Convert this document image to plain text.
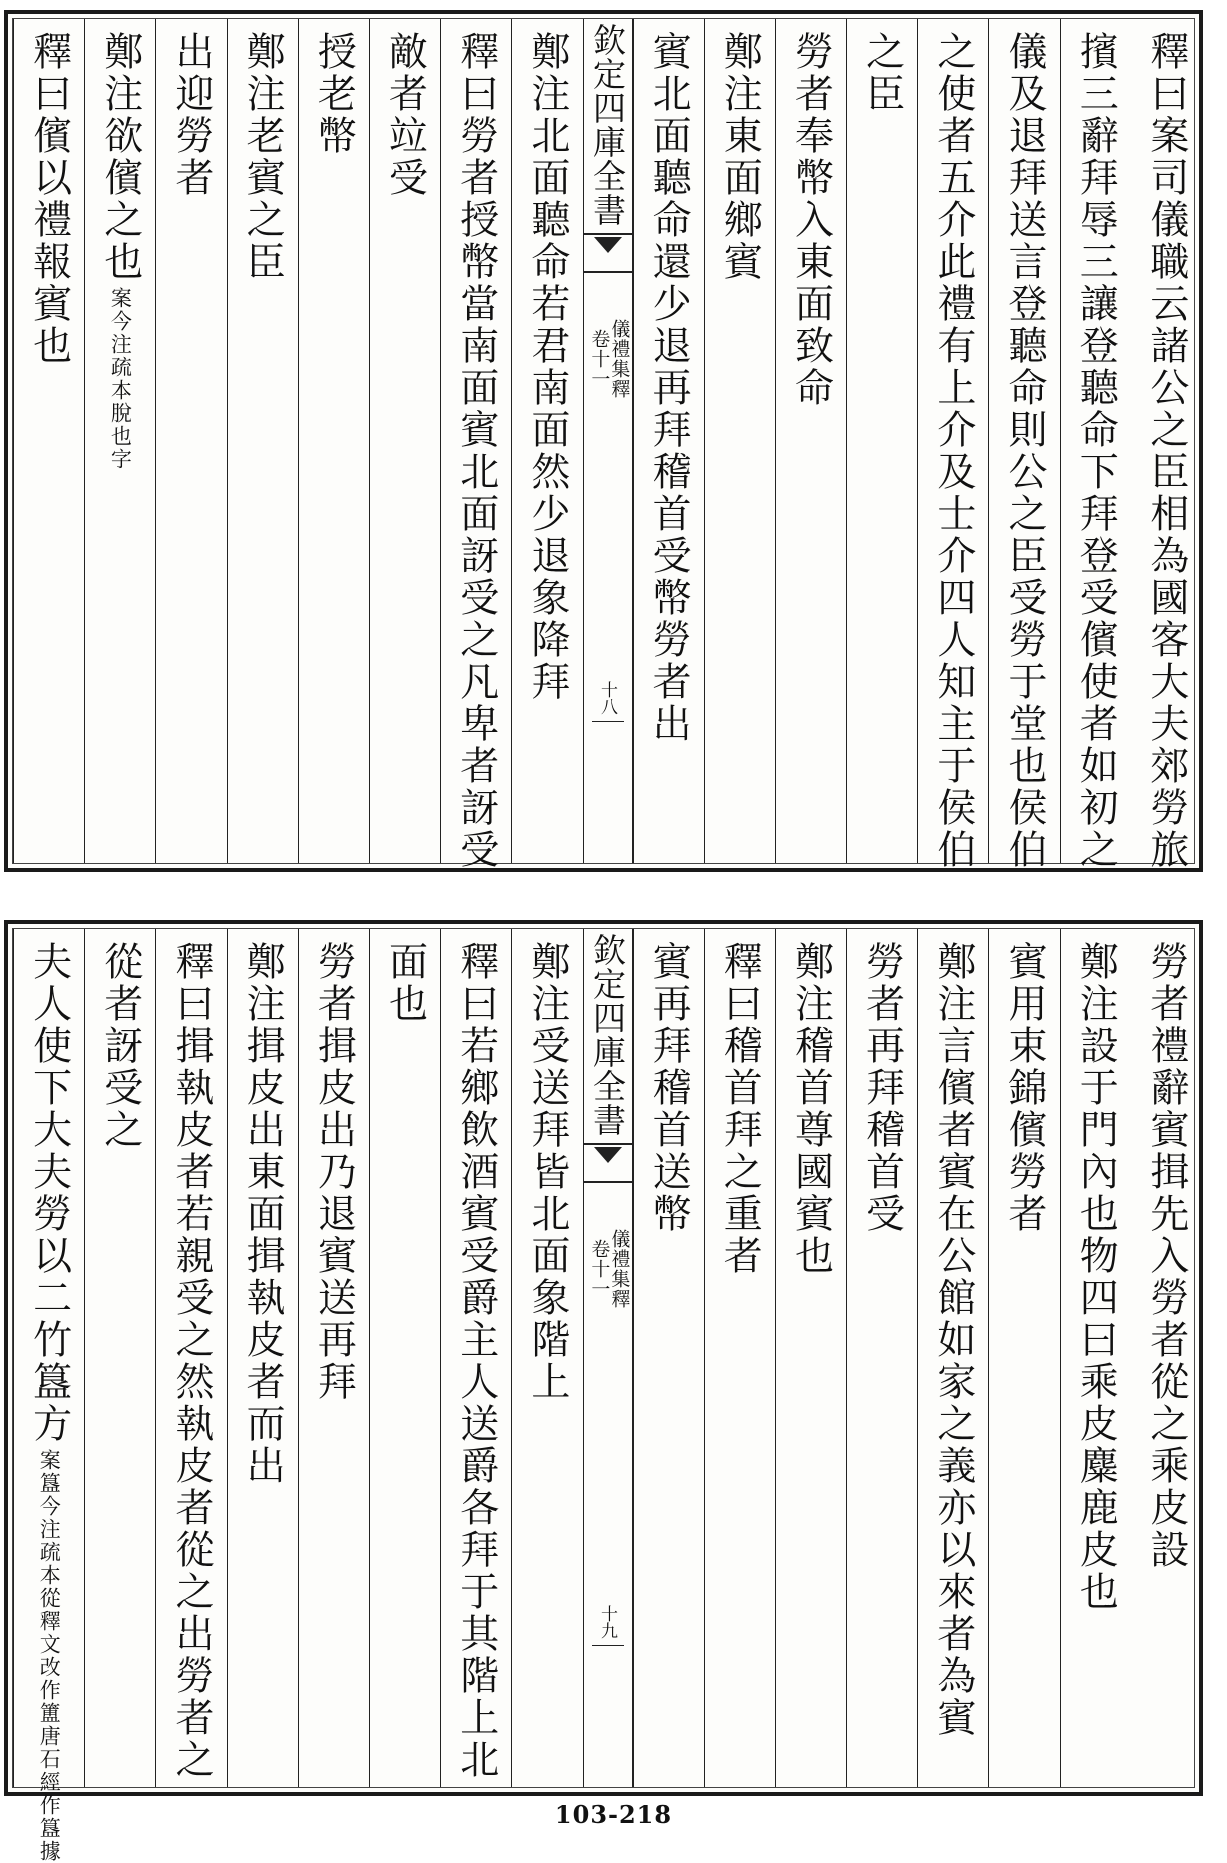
釋曰案司儀職云諸公之臣相為國客大夫郊勞旅
擯三辭拜辱三讓登聽命下拜登受儐使者如初之
儀及退拜送言登聽命則公之臣受勞于堂也侯伯
之使者五介此禮有上介及士介四人知主于侯伯
之臣
勞者奉幣入東面致命
鄭注東面鄉賓
賓北面聽命還少退再拜稽首受幣勞者出
鄭注北面聽命若君南面然少退象降拜
釋曰勞者授幣當南面賓北面訝受之凡卑者訝受
敵者竝受
授老幣
鄭注老賓之臣
出迎勞者
鄭注欲儐之也
案今注疏本脫也字
釋曰儐以禮報賓也	欽定四庫全書
儀禮集釋
卷十一
十八
勞者禮辭賓揖先入勞者從之乘皮設
鄭注設于門內也物四曰乘皮麋鹿皮也
賓用束錦儐勞者
鄭注言儐者賓在公館如家之義亦以來者為賓
勞者再拜稽首受
鄭注稽首尊國賓也
釋曰稽首拜之重者
賓再拜稽首送幣
鄭注受送拜皆北面象階上
釋曰若鄉飲酒賓受爵主人送爵各拜于其階上北
面也
勞者揖皮出乃退賓送再拜
鄭注揖皮出東面揖執皮者而出
釋曰揖執皮者若親受之然執皮者從之出勞者之
從者訝受之
夫人使下大夫勞以二竹簋方
案簋今注疏本從釋文改作簠唐石經作簋據
欽定四庫全書
儀禮集釋
卷十一
十九
103-218
